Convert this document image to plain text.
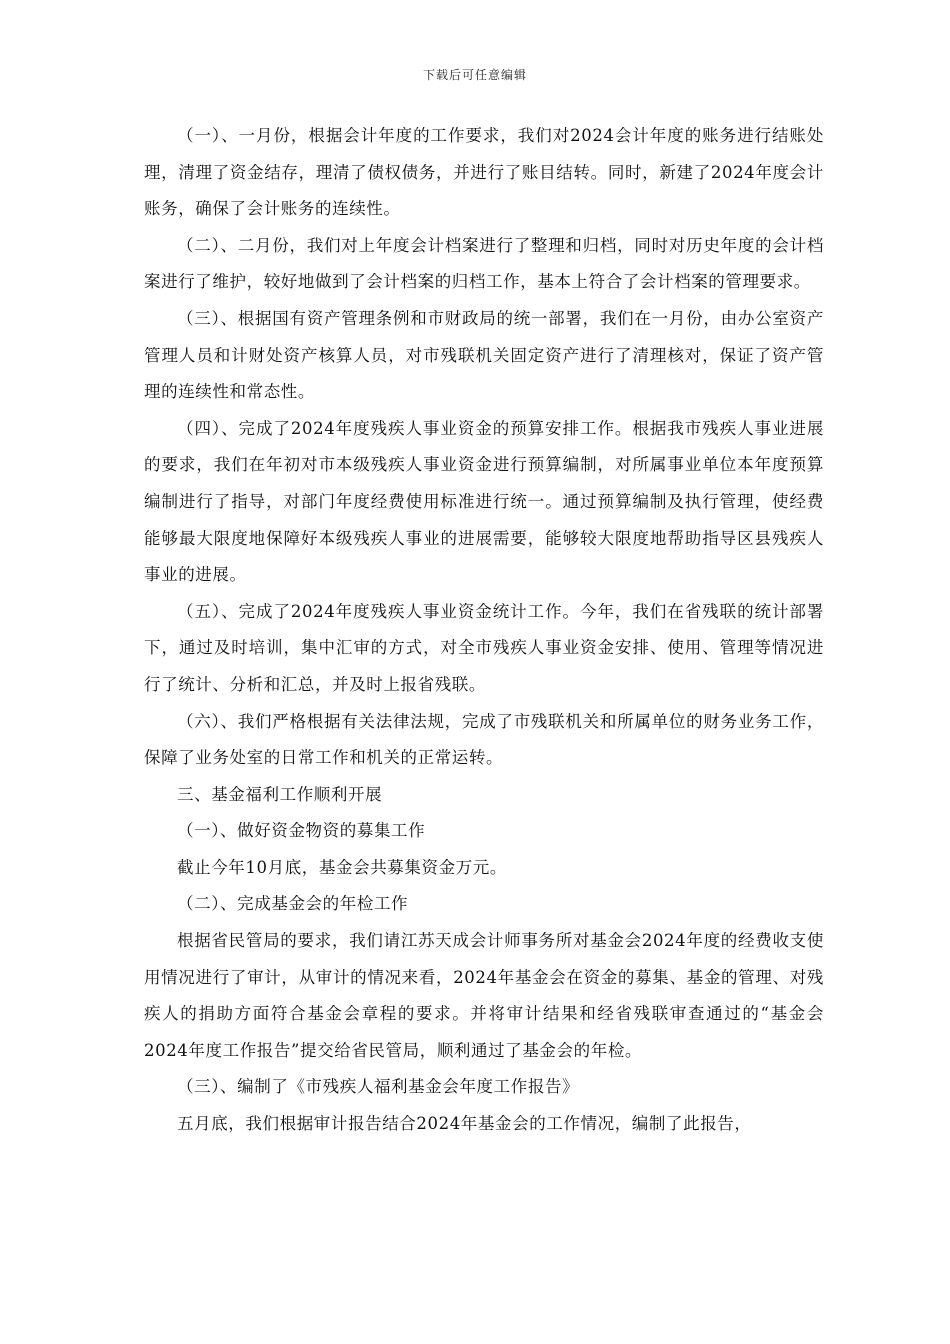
下载后可任意编辑

（一）、一月份，根据会计年度的工作要求，我们对2024会计年度的账务进行结账处理，清理了资金结存，理清了债权债务，并进行了账目结转。同时，新建了2024年度会计账务，确保了会计账务的连续性。

（二）、二月份，我们对上年度会计档案进行了整理和归档，同时对历史年度的会计档案进行了维护，较好地做到了会计档案的归档工作，基本上符合了会计档案的管理要求。

（三）、根据国有资产管理条例和市财政局的统一部署，我们在一月份，由办公室资产管理人员和计财处资产核算人员，对市残联机关固定资产进行了清理核对，保证了资产管理的连续性和常态性。

（四）、完成了2024年度残疾人事业资金的预算安排工作。根据我市残疾人事业进展的要求，我们在年初对市本级残疾人事业资金进行预算编制，对所属事业单位本年度预算编制进行了指导，对部门年度经费使用标准进行统一。通过预算编制及执行管理，使经费能够最大限度地保障好本级残疾人事业的进展需要，能够较大限度地帮助指导区县残疾人事业的进展。

（五）、完成了2024年度残疾人事业资金统计工作。今年，我们在省残联的统计部署下，通过及时培训，集中汇审的方式，对全市残疾人事业资金安排、使用、管理等情况进行了统计、分析和汇总，并及时上报省残联。

（六）、我们严格根据有关法律法规，完成了市残联机关和所属单位的财务业务工作，保障了业务处室的日常工作和机关的正常运转。

三、基金福利工作顺利开展

（一）、做好资金物资的募集工作

截止今年10月底，基金会共募集资金万元。

（二）、完成基金会的年检工作

根据省民管局的要求，我们请江苏天成会计师事务所对基金会2024年度的经费收支使用情况进行了审计，从审计的情况来看，2024年基金会在资金的募集、基金的管理、对残疾人的捐助方面符合基金会章程的要求。并将审计结果和经省残联审查通过的“基金会2024年度工作报告”提交给省民管局，顺利通过了基金会的年检。

（三）、编制了《市残疾人福利基金会年度工作报告》

五月底，我们根据审计报告结合2024年基金会的工作情况，编制了此报告，
